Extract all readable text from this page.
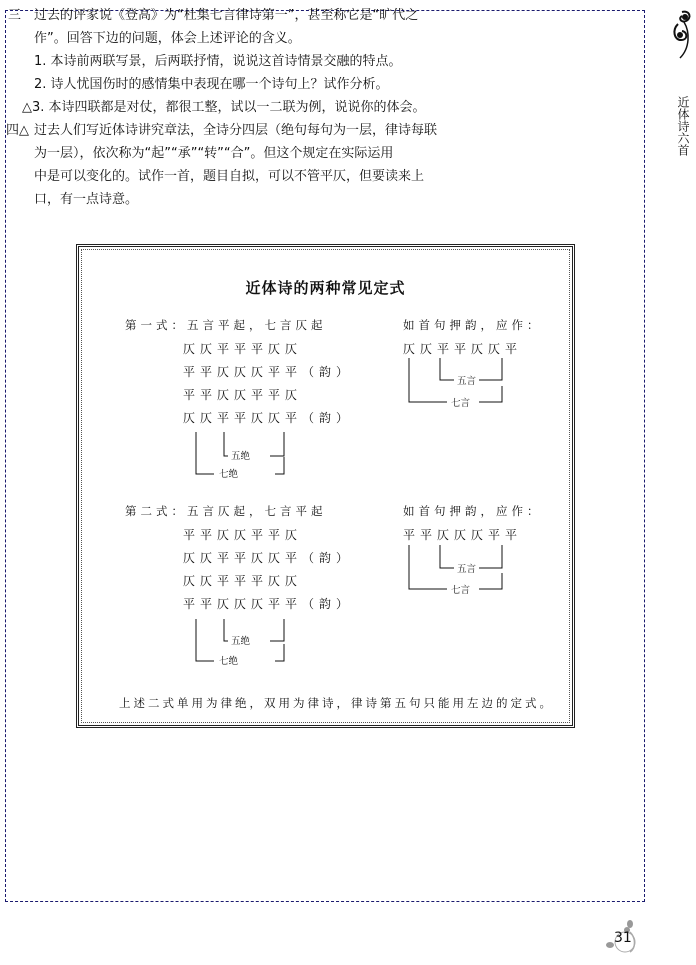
三 过去的评家说《登高》为“杜集七言律诗第一”，甚至称它是“旷代之
作”。回答下边的问题，体会上述评论的含义。
1. 本诗前两联写景，后两联抒情，说说这首诗情景交融的特点。
2. 诗人忧国伤时的感情集中表现在哪一个诗句上？试作分析。
△3. 本诗四联都是对仗，都很工整，试以一二联为例，说说你的体会。
四△ 过去人们写近体诗讲究章法，全诗分四层（绝句每句为一层，律诗每联
为一层），依次称为“起”“承”“转”“合”。但这个规定在实际运用
中是可以变化的。试作一首，题目自拟，可以不管平仄，但要读来上
口，有一点诗意。
近体诗六首
近体诗的两种常见定式
第一式：五言平起，七言仄起
仄仄平平平仄仄
平平仄仄仄平平（韵）
平平仄仄平平仄
仄仄平平仄仄平（韵）
五绝
七绝
如首句押韵，应作：
仄仄平平仄仄平
五言
七言
第二式：五言仄起，七言平起
平平仄仄平平仄
仄仄平平仄仄平（韵）
仄仄平平平仄仄
平平仄仄仄平平（韵）
五绝
七绝
如首句押韵，应作：
平平仄仄仄平平
五言
七言
上述二式单用为律绝，双用为律诗，律诗第五句只能用左边的定式。
31
